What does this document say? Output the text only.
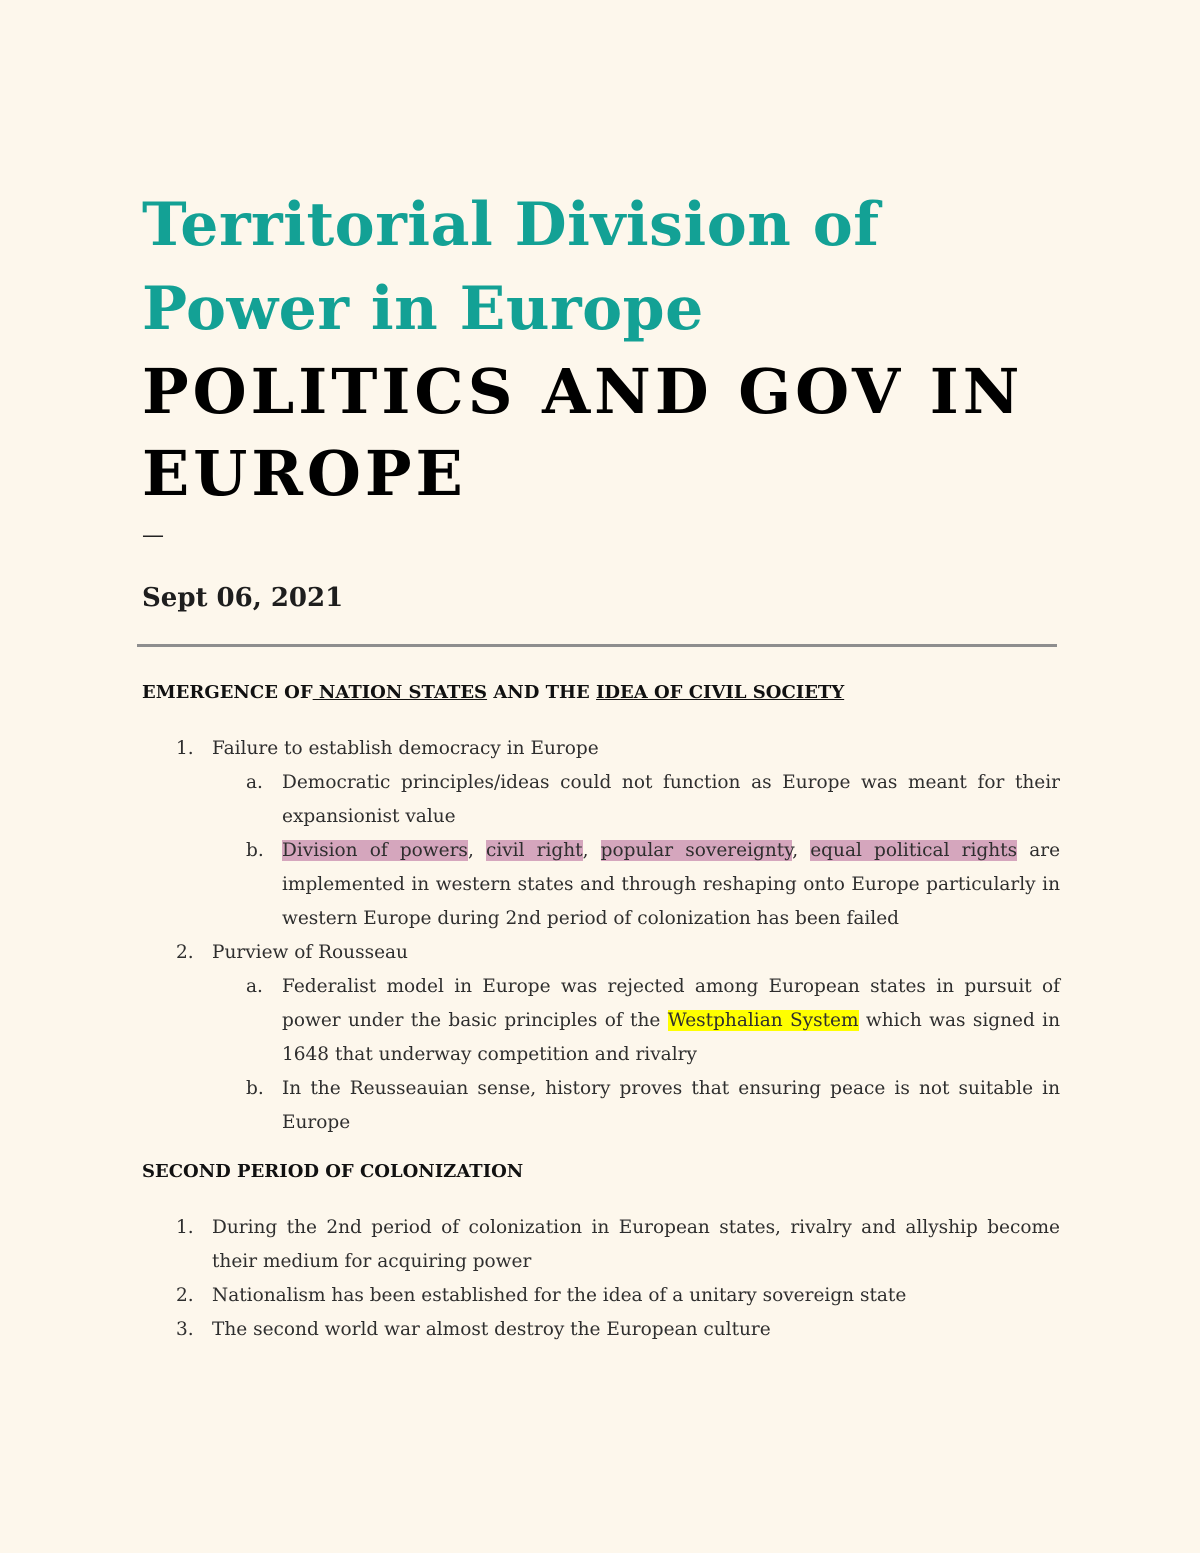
Territorial Division of Power in Europe
POLITICS AND GOV IN EUROPE
—
Sept 06, 2021

EMERGENCE OF NATION STATES AND THE IDEA OF CIVIL SOCIETY

1. Failure to establish democracy in Europe
a. Democratic principles/ideas could not function as Europe was meant for their expansionist value
b. Division of powers, civil right, popular sovereignty, equal political rights are implemented in western states and through reshaping onto Europe particularly in western Europe during 2nd period of colonization has been failed
2. Purview of Rousseau
a. Federalist model in Europe was rejected among European states in pursuit of power under the basic principles of the Westphalian System which was signed in 1648 that underway competition and rivalry
b. In the Reusseauian sense, history proves that ensuring peace is not suitable in Europe

SECOND PERIOD OF COLONIZATION

1. During the 2nd period of colonization in European states, rivalry and allyship become their medium for acquiring power
2. Nationalism has been established for the idea of a unitary sovereign state
3. The second world war almost destroy the European culture
